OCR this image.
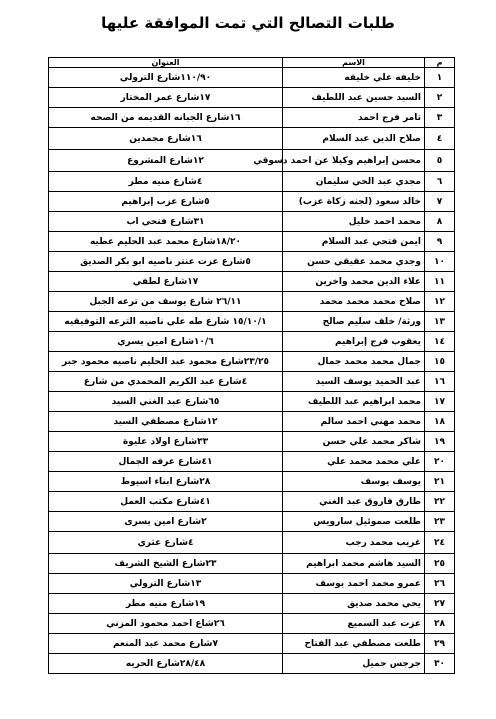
طلبات التصالح التي تمت الموافقة عليها
م	الاسم	العنوان
١	خليفه علي خليفه	١١٠/٩٠شارع الترولي
٢	السيد حسين عبد اللطيف	١٧شارع عمر المختار
٣	تامر فرج احمد	١٦شارع الجبانه القديمه من الصحه
٤	صلاح الدين عبد السلام	١٦شارع مجمدين
٥	محسن إبراهيم وكيلا عن احمد دسوقي	١٢شارع المشروع
٦	مجدي عبد الحي سليمان	٤شارع منيه مطر
٧	خالد سعود (لجنه زكاة عزب)	٥شارع عزب إبراهيم
٨	محمد احمد خليل	٣١شارع فتحي اب
٩	ايمن فتحي عبد السلام	١٨/٢٠شارع محمد عبد الحليم عطيه
١٠	وجدي محمد عقيقي حسن	٥شارع عزت عنتر ناصيه ابو بكر الصديق
١١	علاء الدين محمد واخرين	١٧شارع لطفي
١٢	صلاح محمد محمد محمد	٢٦/١١ شارع يوسف من ترعه الجبل
١٣	ورثة/ خلف سليم صالح	١٥/١٠/١ شارع طه علي ناصيه الترعه التوفيقيه
١٤	يعقوب فرج إبراهيم	١٠/٦شارع امين يسري
١٥	جمال محمد محمد جمال	٢٣/٢٥شارع محمود عبد الحليم ناصيه محمود جبر
١٦	عبد الحميد يوسف السيد	٤شارع عبد الكريم المحمدي من شارع
١٧	محمد ابراهيم عبد اللطيف	٦٥شارع عبد الغني السيد
١٨	محمد مهني احمد سالم	١٢شارع مصطفي السيد
١٩	شاكر محمد علي حسن	٣٣شارع اولاد عليوة
٢٠	علي محمد محمد علي	٤١شارع عرفه الجمال
٢١	يوسف يوسف	٢٨شارع ابناء اسيوط
٢٢	طارق فاروق عبد الغني	٤١شارع مكتب العمل
٢٣	طلعت صموئيل سارويس	٢شارع امين يسرى
٢٤	غريب محمد رجب	٤شارع عثري
٢٥	السيد هاشم محمد ابراهيم	٢٣شارع الشيخ الشريف
٢٦	عمرو محمد احمد يوسف	١٣شارع الترولي
٢٧	يحي محمد صديق	١٩شارع منيه مطر
٢٨	عزت عبد السميع	٢٦شاع احمد محمود المزني
٢٩	طلعت مصطفي عبد الفتاح	٧شارع محمد عبد المنعم
٣٠	جرجس جميل	٢٨/٤٨شارع الحريه
